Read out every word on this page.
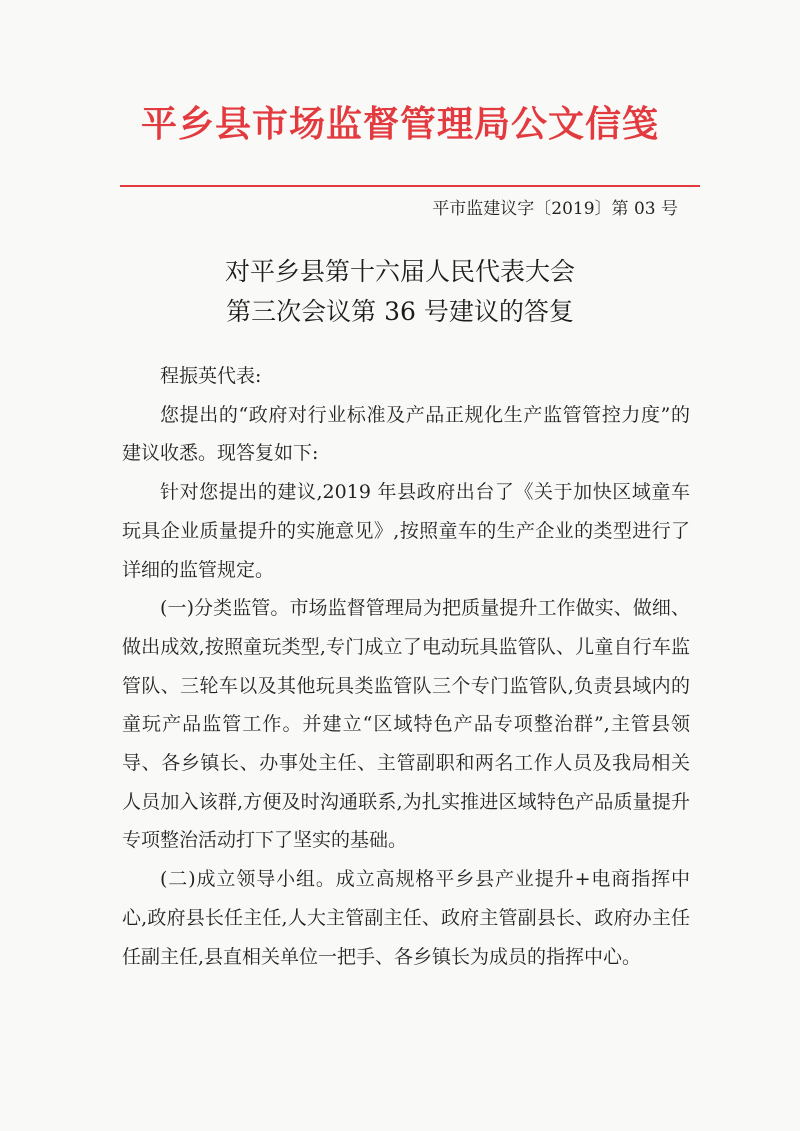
平乡县市场监督管理局公文信笺
平市监建议字〔2019〕第 03 号
对平乡县第十六届人民代表大会
第三次会议第 36 号建议的答复

程振英代表:

您提出的“政府对行业标准及产品正规化生产监管管控力度”的建议收悉。现答复如下:

针对您提出的建议,2019 年县政府出台了《关于加快区域童车玩具企业质量提升的实施意见》,按照童车的生产企业的类型进行了详细的监管规定。

(一)分类监管。市场监督管理局为把质量提升工作做实、做细、做出成效,按照童玩类型,专门成立了电动玩具监管队、儿童自行车监管队、三轮车以及其他玩具类监管队三个专门监管队,负责县域内的童玩产品监管工作。并建立“区域特色产品专项整治群”,主管县领导、各乡镇长、办事处主任、主管副职和两名工作人员及我局相关人员加入该群,方便及时沟通联系,为扎实推进区域特色产品质量提升专项整治活动打下了坚实的基础。

(二)成立领导小组。成立高规格平乡县产业提升+电商指挥中心,政府县长任主任,人大主管副主任、政府主管副县长、政府办主任任副主任,县直相关单位一把手、各乡镇长为成员的指挥中心。
